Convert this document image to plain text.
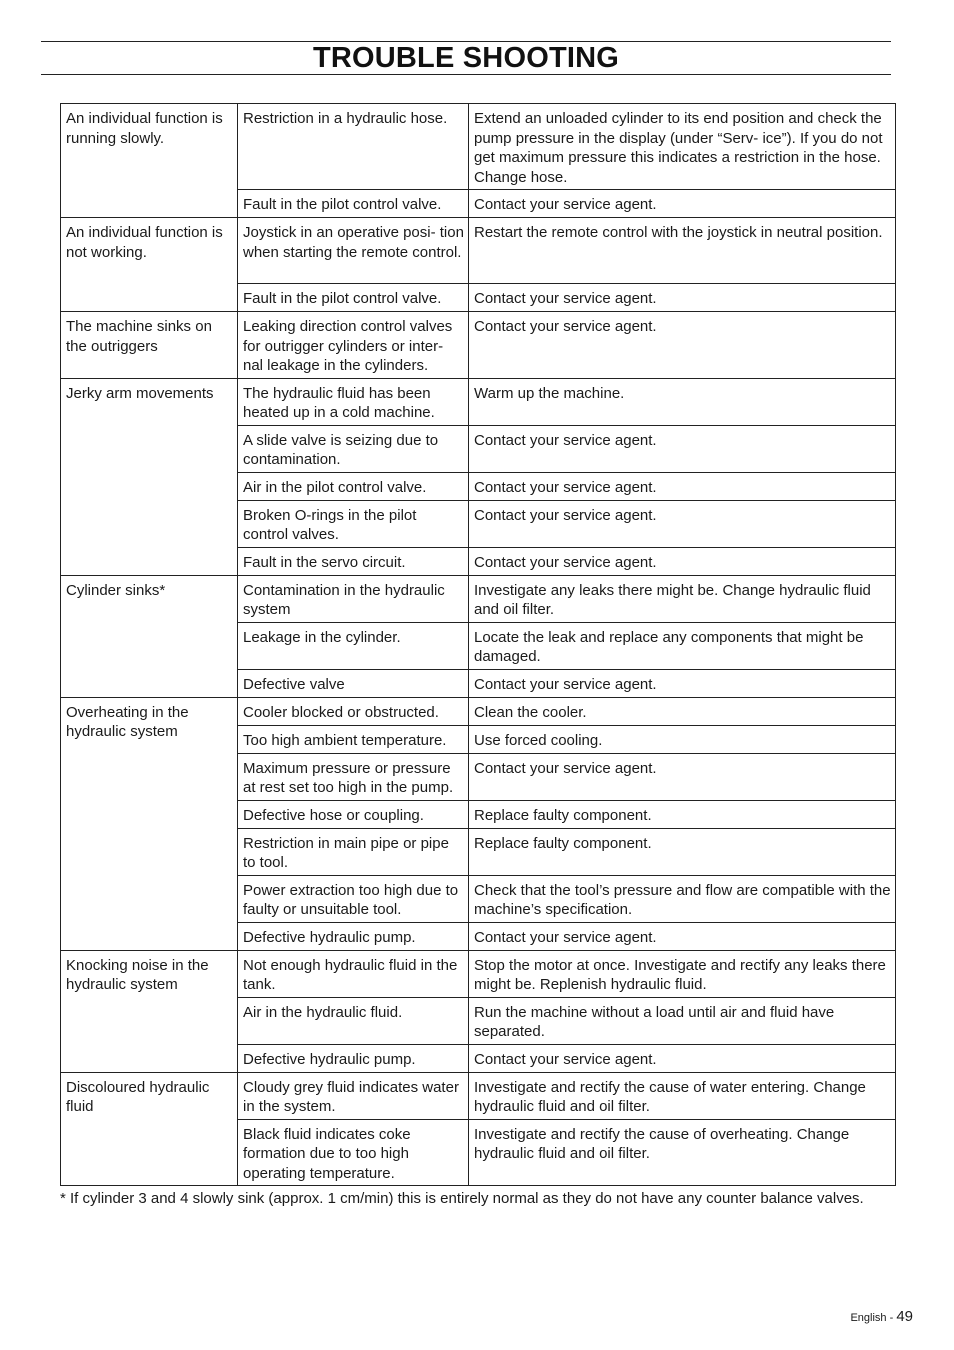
TROUBLE SHOOTING
An individual function is running slowly.	Restriction in a hydraulic hose.	Extend an unloaded cylinder to its end position and check the pump pressure in the display (under “Serv- ice”). If you do not get maximum pressure this indicates a restriction in the hose. Change hose.
	Fault in the pilot control valve.	Contact your service agent.
An individual function is not working.	Joystick in an operative posi- tion when starting the remote control.	Restart the remote control with the joystick in neutral position.
	Fault in the pilot control valve.	Contact your service agent.
The machine sinks on the outriggers	Leaking direction control valves for outrigger cylinders or inter- nal leakage in the cylinders.	Contact your service agent.
Jerky arm movements	The hydraulic fluid has been heated up in a cold machine.	Warm up the machine.
	A slide valve is seizing due to contamination.	Contact your service agent.
	Air in the pilot control valve.	Contact your service agent.
	Broken O-rings in the pilot control valves.	Contact your service agent.
	Fault in the servo circuit.	Contact your service agent.
Cylinder sinks*	Contamination in the hydraulic system	Investigate any leaks there might be. Change hydraulic fluid and oil filter.
	Leakage in the cylinder.	Locate the leak and replace any components that might be damaged.
	Defective valve	Contact your service agent.
Overheating in the hydraulic system	Cooler blocked or obstructed.	Clean the cooler.
	Too high ambient temperature.	Use forced cooling.
	Maximum pressure or pressure at rest set too high in the pump.	Contact your service agent.
	Defective hose or coupling.	Replace faulty component.
	Restriction in main pipe or pipe to tool.	Replace faulty component.
	Power extraction too high due to faulty or unsuitable tool.	Check that the tool’s pressure and flow are compatible with the machine’s specification.
	Defective hydraulic pump.	Contact your service agent.
Knocking noise in the hydraulic system	Not enough hydraulic fluid in the tank.	Stop the motor at once. Investigate and rectify any leaks there might be. Replenish hydraulic fluid.
	Air in the hydraulic fluid.	Run the machine without a load until air and fluid have separated.
	Defective hydraulic pump.	Contact your service agent.
Discoloured hydraulic fluid	Cloudy grey fluid indicates water in the system.	Investigate and rectify the cause of water entering. Change hydraulic fluid and oil filter.
	Black fluid indicates coke formation due to too high operating temperature.	Investigate and rectify the cause of overheating. Change hydraulic fluid and oil filter.
* If cylinder 3 and 4 slowly sink (approx. 1 cm/min) this is entirely normal as they do not have any counter balance valves.
English - 49
